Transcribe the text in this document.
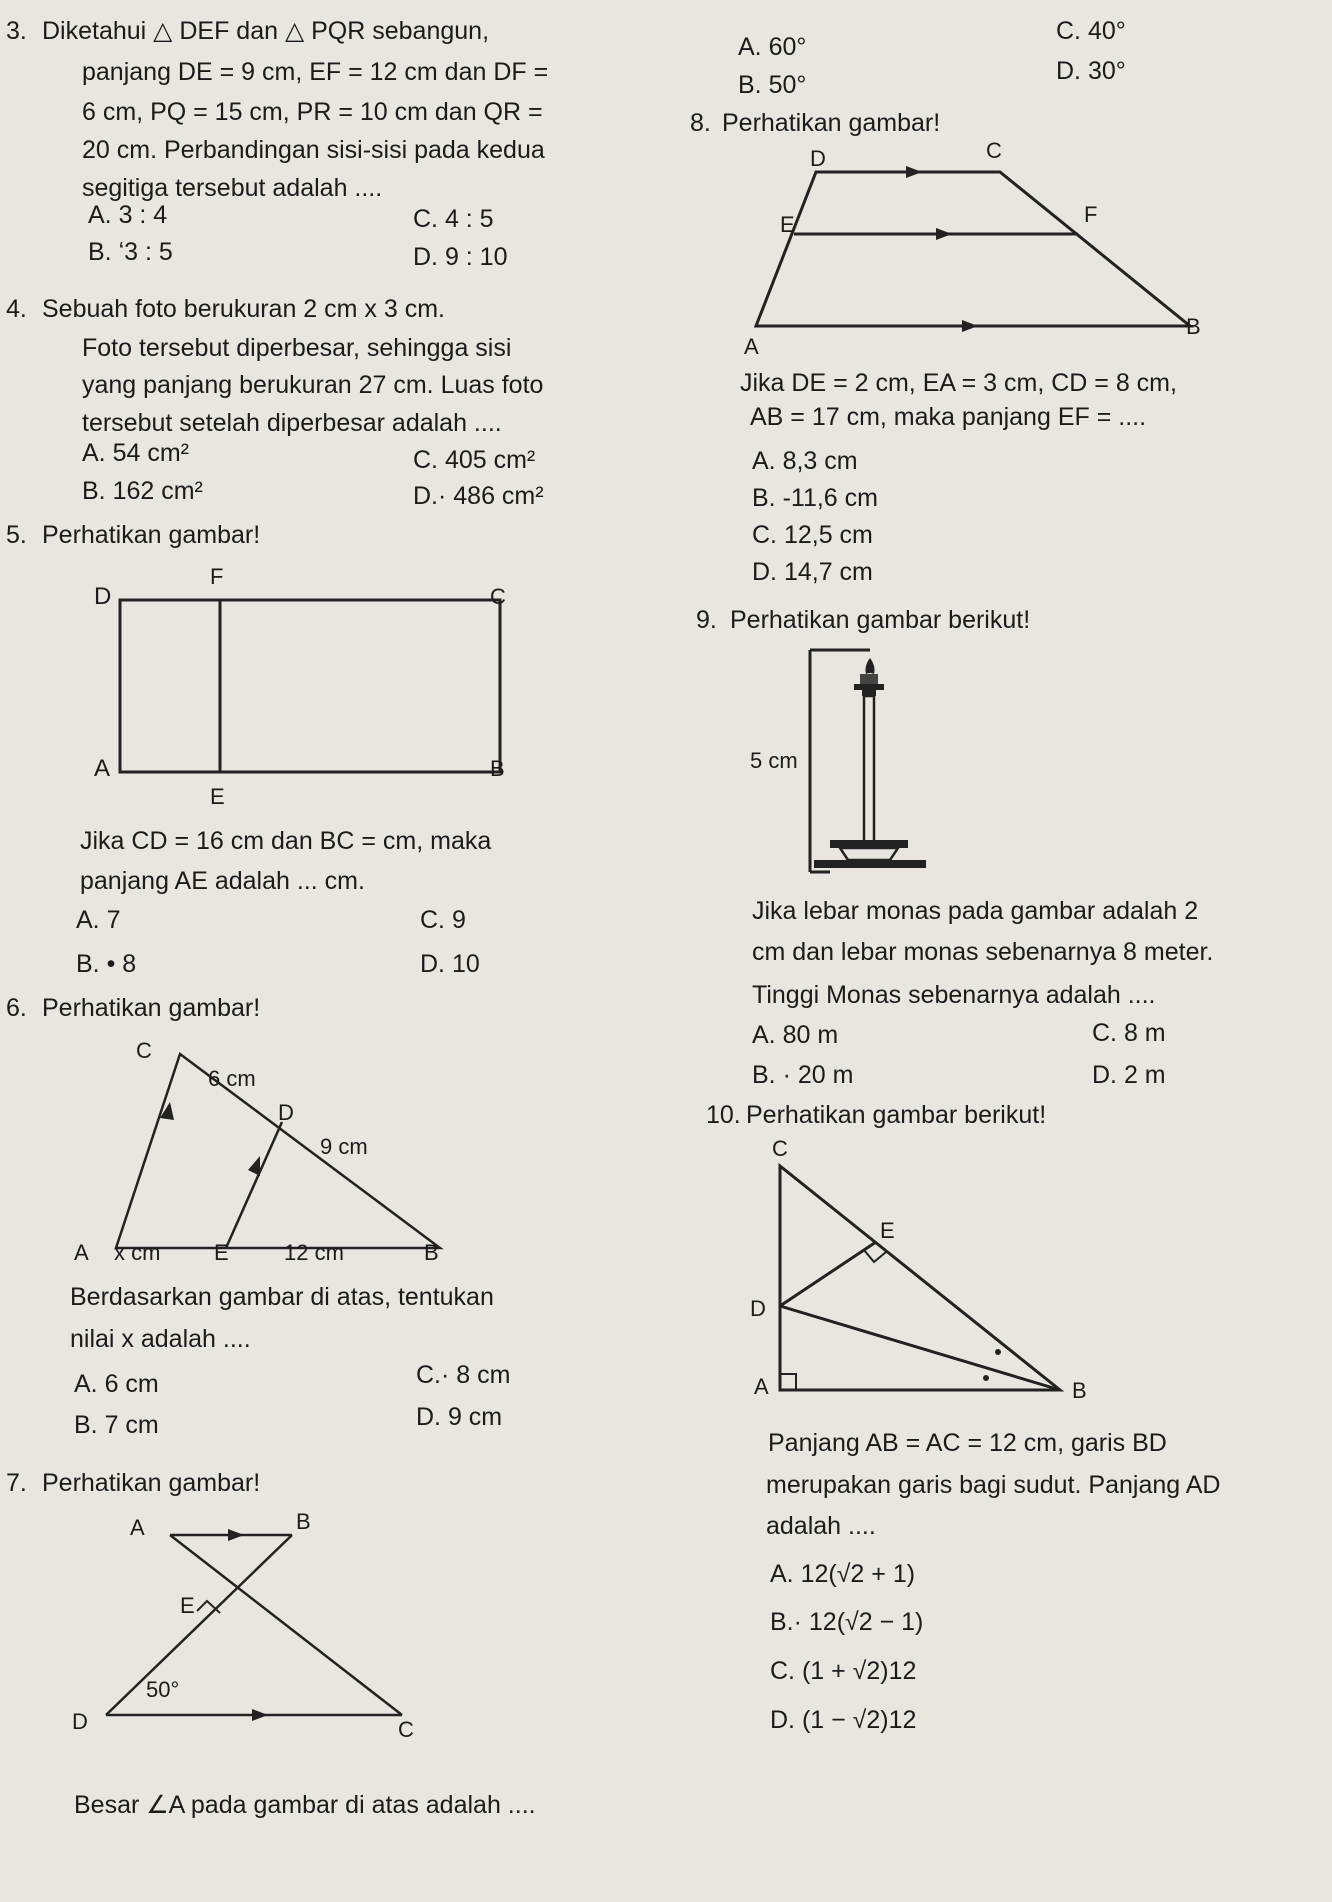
3. Diketahui △ DEF dan △ PQR sebangun,
panjang DE = 9 cm, EF = 12 cm dan DF =
6 cm, PQ = 15 cm, PR = 10 cm dan QR =
20 cm. Perbandingan sisi-sisi pada kedua
segitiga tersebut adalah ....
A. 3 : 4	C. 4 : 5
B. ʻ3 : 5	D. 9 : 10
4. Sebuah foto berukuran 2 cm x 3 cm.
Foto tersebut diperbesar, sehingga sisi
yang panjang berukuran 27 cm. Luas foto
tersebut setelah diperbesar adalah ....
A. 54 cm²	C. 405 cm²
B. 162 cm²	D.· 486 cm²
5. Perhatikan gambar!
D
F
C
A	B
E
Jika CD = 16 cm dan BC = cm, maka
panjang AE adalah ... cm.
A. 7	C. 9
B. • 8	D. 10
6. Perhatikan gambar!
C
6 cm
D
9 cm
A x cm E	12 cm	B
Berdasarkan gambar di atas, tentukan
nilai x adalah ....
A. 6 cm	C.· 8 cm
B. 7 cm	D. 9 cm
7. Perhatikan gambar!
A	B
E
50°
D	C
Besar ∠A pada gambar di atas adalah ....
A. 60°
C. 40°
B. 50°	D. 30°
8. Perhatikan gambar!
D	C
E	F
A
B
Jika DE = 2 cm, EA = 3 cm, CD = 8 cm,
AB = 17 cm, maka panjang EF = ....
A. 8,3 cm
B. ‑11,6 cm
C. 12,5 cm
D. 14,7 cm
9. Perhatikan gambar berikut!
5 cm
Jika lebar monas pada gambar adalah 2
cm dan lebar monas sebenarnya 8 meter.
Tinggi Monas sebenarnya adalah ....
A. 80 m	C. 8 m
B. · 20 m	D. 2 m
10. Perhatikan gambar berikut!
C
E
D
A	B
Panjang AB = AC = 12 cm, garis BD
merupakan garis bagi sudut. Panjang AD
adalah ....
A. 12(√2 + 1)
B.· 12(√2 − 1)
C. (1 + √2)12
D. (1 − √2)12
